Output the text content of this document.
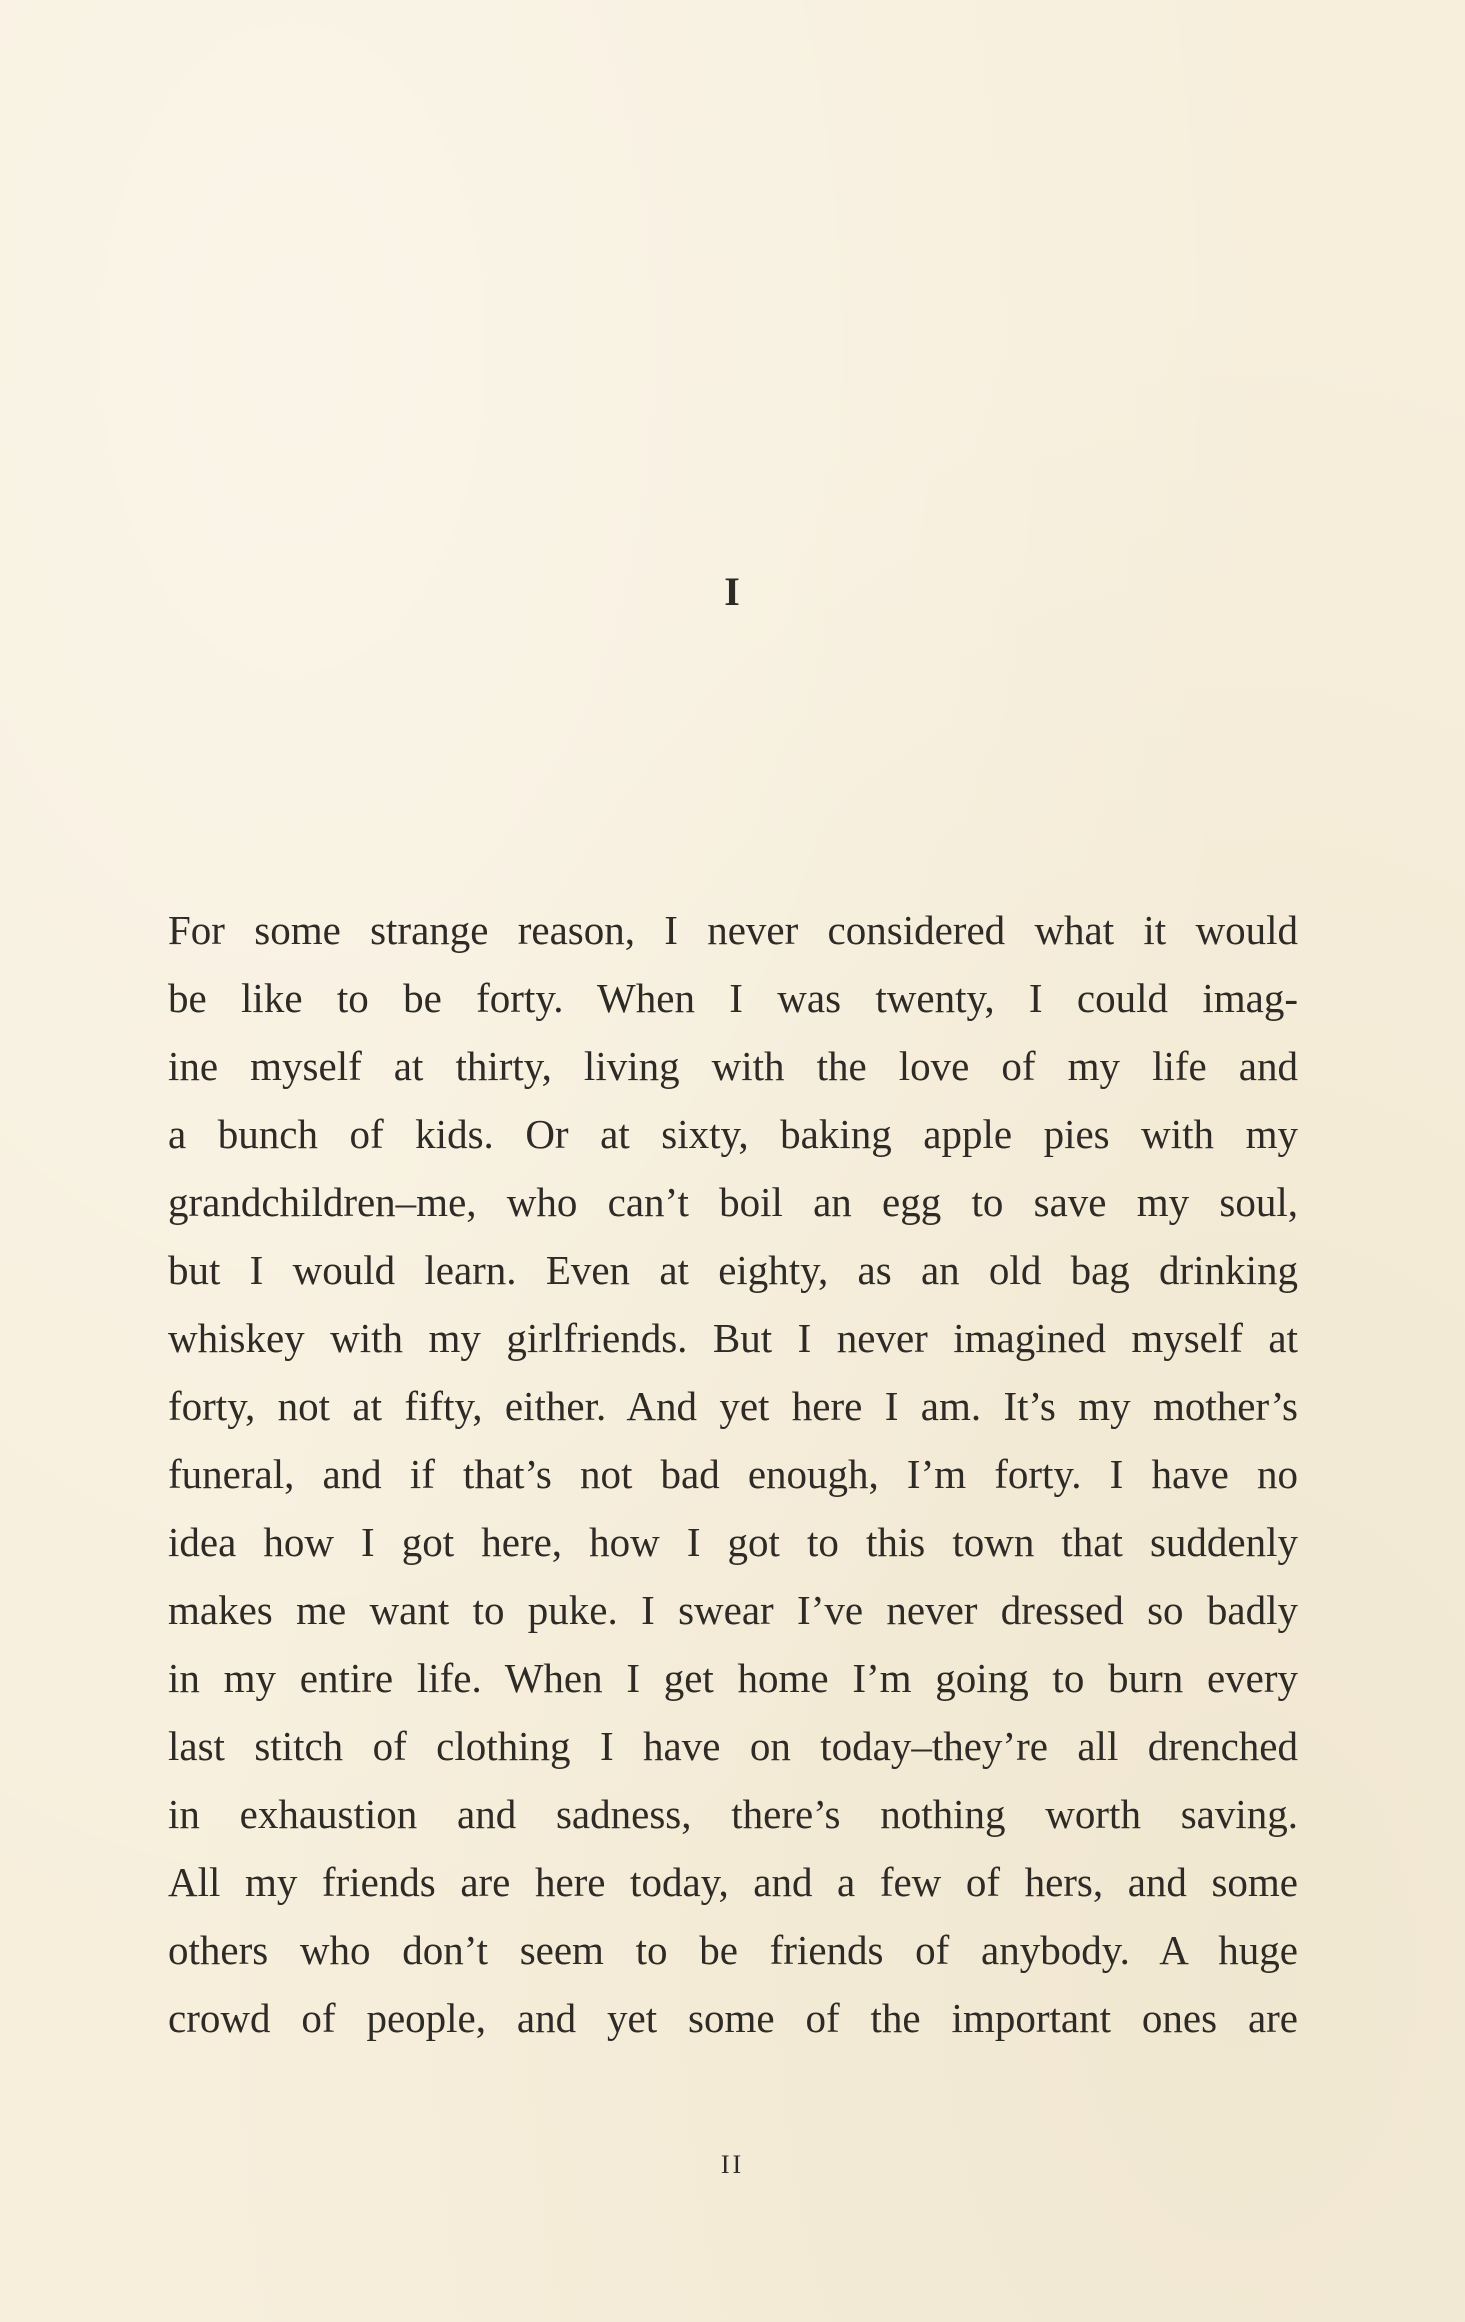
I
For some strange reason, I never considered what it would
be like to be forty. When I was twenty, I could imag-
ine myself at thirty, living with the love of my life and
a bunch of kids. Or at sixty, baking apple pies with my
grandchildren–me, who can’t boil an egg to save my soul,
but I would learn. Even at eighty, as an old bag drinking
whiskey with my girlfriends. But I never imagined myself at
forty, not at fifty, either. And yet here I am. It’s my mother’s
funeral, and if that’s not bad enough, I’m forty. I have no
idea how I got here, how I got to this town that suddenly
makes me want to puke. I swear I’ve never dressed so badly
in my entire life. When I get home I’m going to burn every
last stitch of clothing I have on today–they’re all drenched
in exhaustion and sadness, there’s nothing worth saving.
All my friends are here today, and a few of hers, and some
others who don’t seem to be friends of anybody. A huge
crowd of people, and yet some of the important ones are
II
